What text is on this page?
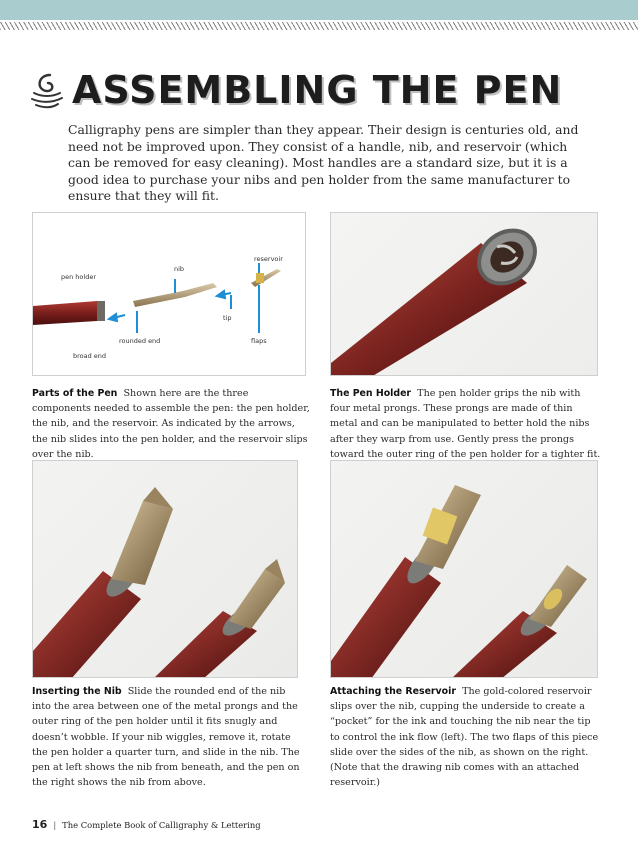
ASSEMBLING THE PEN

Calligraphy pens are simpler than they appear. Their design is centuries old, and need not be improved upon. They consist of a handle, nib, and reservoir (which can be removed for easy cleaning). Most handles are a standard size, but it is a good idea to purchase your nibs and pen holder from the same manufacturer to ensure that they will fit.

pen holder
nib
reservoir
tip
rounded end	flaps
broad end

Parts of the Pen Shown here are the three components needed to assemble the pen: the pen holder, the nib, and the reservoir. As indicated by the arrows, the nib slides into the pen holder, and the reservoir slips over the nib.

The Pen Holder The pen holder grips the nib with four metal prongs. These prongs are made of thin metal and can be manipulated to better hold the nibs after they warp from use. Gently press the prongs toward the outer ring of the pen holder for a tighter fit.

Inserting the Nib Slide the rounded end of the nib into the area between one of the metal prongs and the outer ring of the pen holder until it fits snugly and doesn’t wobble. If your nib wiggles, remove it, rotate the pen holder a quarter turn, and slide in the nib. The pen at left shows the nib from beneath, and the pen on the right shows the nib from above.

Attaching the Reservoir The gold-colored reservoir slips over the nib, cupping the underside to create a “pocket” for the ink and touching the nib near the tip to control the ink flow (left). The two flaps of this piece slide over the sides of the nib, as shown on the right. (Note that the drawing nib comes with an attached reservoir.)

16 | The Complete Book of Calligraphy & Lettering
